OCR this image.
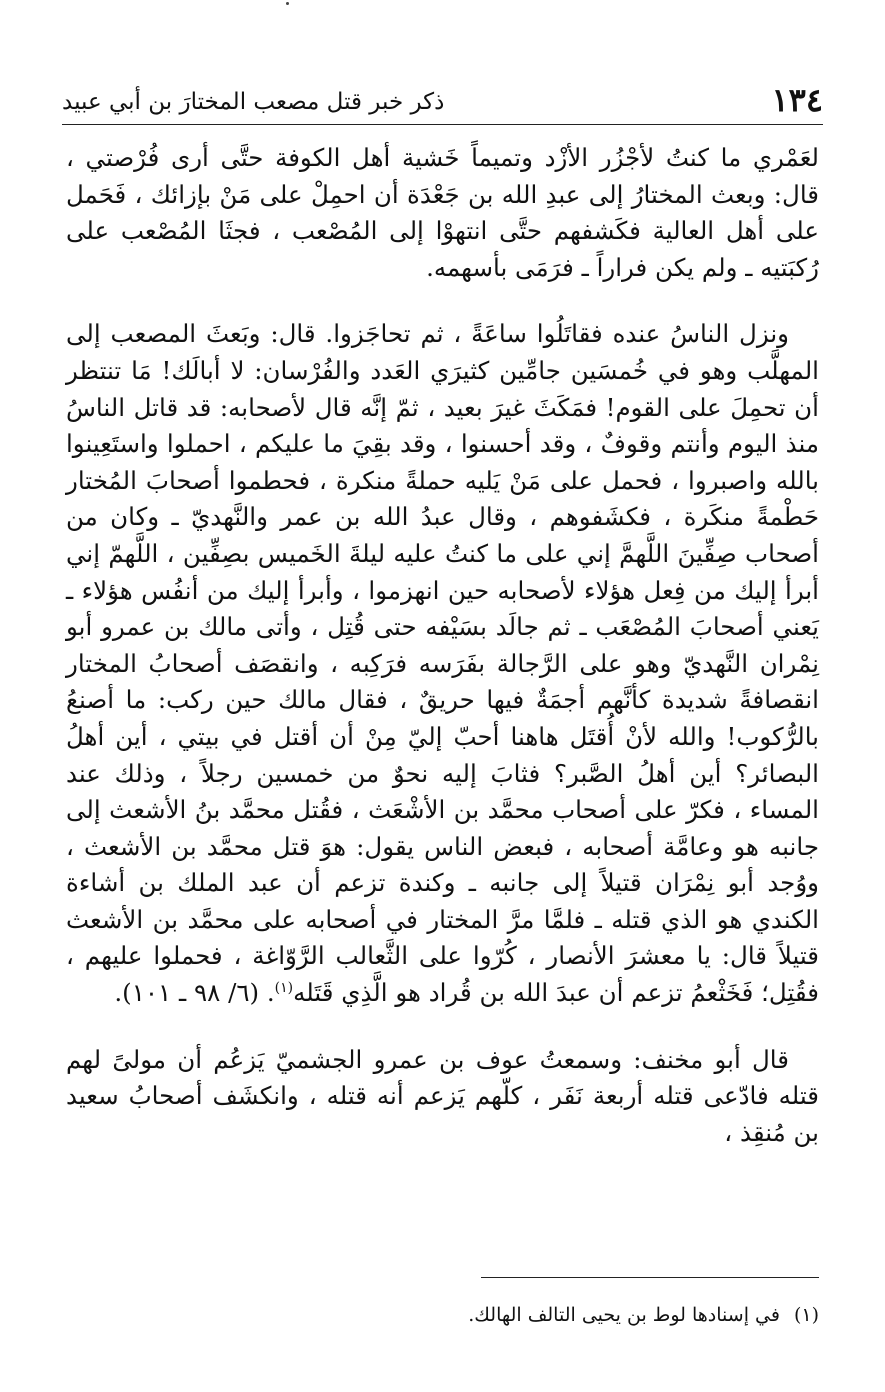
١٣٤
ذكر خبر قتل مصعب المختارَ بن أبي عبيد

لعَمْري ما كنتُ لأجْزُر الأزْد وتميماً خَشية أهل الكوفة حتَّى أرى فُرْصتي ، قال: وبعث المختارُ إلى عبدِ الله بن جَعْدَة أن احمِلْ على مَنْ بإزائك ، فَحَمل على أهل العالية فكَشفهم حتَّى انتهوْا إلى المُصْعب ، فجثَا المُصْعب على رُكبَتيه ـ ولم يكن فراراً ـ فرَمَى بأسهمه.

ونزل الناسُ عنده فقاتَلُوا ساعَةً ، ثم تحاجَزوا. قال: وبَعثَ المصعب إلى المهلَّب وهو في خُمسَين جامِّين كثيرَي العَدد والفُرْسان: لا أبالَك! مَا تنتظر أن تحمِلَ على القوم! فمَكَثَ غيرَ بعيد ، ثمّ إنَّه قال لأصحابه: قد قاتل الناسُ منذ اليوم وأنتم وقوفٌ ، وقد أحسنوا ، وقد بقِيَ ما عليكم ، احملوا واستَعِينوا بالله واصبروا ، فحمل على مَنْ يَليه حملةً منكرة ، فحطموا أصحابَ المُختار حَطْمةً منكَرة ، فكشَفوهم ، وقال عبدُ الله بن عمر والنَّهديّ ـ وكان من أصحاب صِفِّينَ اللَّهمَّ إني على ما كنتُ عليه ليلةَ الخَميس بصِفِّين ، اللَّهمّ إني أبرأ إليك من فِعل هؤلاء لأصحابه حين انهزموا ، وأبرأ إليك من أنفُس هؤلاء ـ يَعني أصحابَ المُصْعَب ـ ثم جالَد بسَيْفه حتى قُتِل ، وأتى مالك بن عمرو أبو نِمْران النَّهديّ وهو على الرَّجالة بفَرَسه فرَكِبه ، وانقصَف أصحابُ المختار انقصافةً شديدة كأنَّهم أجمَةٌ فيها حريقٌ ، فقال مالك حين ركب: ما أصنعُ بالرُّكوب! والله لأنْ أُقتَل هاهنا أحبّ إليّ مِنْ أن أقتل في بيتي ، أين أهلُ البصائر؟ أين أهلُ الصَّبر؟ فثابَ إليه نحوٌ من خمسين رجلاً ، وذلك عند المساء ، فكرّ على أصحاب محمَّد بن الأشْعَث ، فقُتل محمَّد بنُ الأشعث إلى جانبه هو وعامَّة أصحابه ، فبعض الناس يقول: هوَ قتل محمَّد بن الأشعث ، ووُجد أبو نِمْرَان قتيلاً إلى جانبه ـ وكندة تزعم أن عبد الملك بن أشاءة الكندي هو الذي قتله ـ فلمَّا مرَّ المختار في أصحابه على محمَّد بن الأشعث قتيلاً قال: يا معشرَ الأنصار ، كُرّوا على الثَّعالب الرَّوّاغة ، فحملوا عليهم ، فقُتِل؛ فَخَثْعمُ تزعم أن عبدَ الله بن قُراد هو الَّذِي قَتَله$^{(١)}$. (٦/ ٩٨ ـ ١٠١).

قال أبو مخنف: وسمعتُ عوف بن عمرو الجشميّ يَزعُم أن مولىً لهم قتله فادّعى قتله أربعة نَفَر ، كلّهم يَزعم أنه قتله ، وانكشَف أصحابُ سعيد بن مُنقِذ ،

(١)في إسنادها لوط بن يحيى التالف الهالك.
